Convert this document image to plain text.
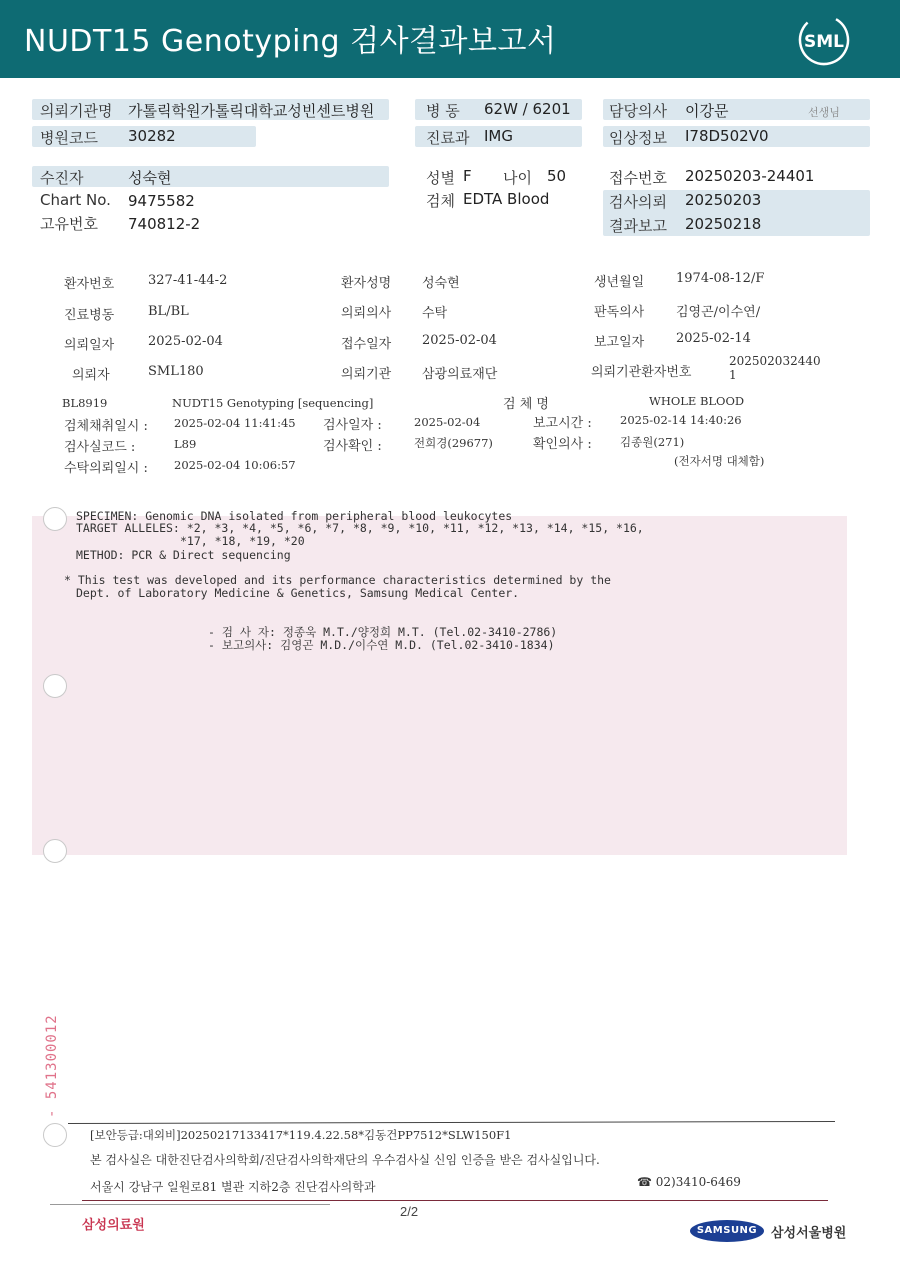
NUDT15 Genotyping 검사결과보고서	SML
의뢰기관명 가톨릭학원가톨릭대학교성빈센트병원
병원코드 30282
병 동 62W / 6201
진료과 IMG
담당의사 이강문	선생님
임상정보 I78D502V0
수진자	성숙현
Chart No. 9475582
고유번호 740812-2
성별 F 나이 50
검체 EDTA Blood
접수번호 20250203-24401
검사의뢰 20250203
결과보고 20250218
환자번호	327-41-44-2	환자성명 성숙현	생년월일 1974-08-12/F
진료병동	BL/BL	의뢰의사 수탁	판독의사 김영곤/이수연/
의뢰일자	2025-02-04	접수일자 2025-02-04	보고일자 2025-02-14
의뢰자	SML180	의뢰기관 삼광의료재단	의뢰기관환자번호
202502032440
1
BL8919	NUDT15 Genotyping [sequencing]	검 체 명	WHOLE BLOOD
검체채취일시 : 2025-02-04 11:41:45 검사일자 :	2025-02-04	보고시간 : 2025-02-14 14:40:26
검사실코드 :	L89	검사확인 :	전희경(29677)	확인의사 : 김종원(271)
수탁의뢰일시 : 2025-02-04 10:06:57	(전자서명 대체함)
SPECIMEN: Genomic DNA isolated from peripheral blood leukocytes
TARGET ALLELES: *2, *3, *4, *5, *6, *7, *8, *9, *10, *11, *12, *13, *14, *15, *16,
*17, *18, *19, *20
METHOD: PCR & Direct sequencing
* This test was developed and its performance characteristics determined by the
Dept. of Laboratory Medicine & Genetics, Samsung Medical Center.
- 검 사 자: 정종욱 M.T./양정희 M.T. (Tel.02-3410-2786)
- 보고의사: 김영곤 M.D./이수연 M.D. (Tel.02-3410-1834)
- 541300012
[보안등급:대외비]20250217133417*119.4.22.58*김동건PP7512*SLW150F1
본 검사실은 대한진단검사의학회/진단검사의학재단의 우수검사실 신임 인증을 받은 검사실입니다.
서울시 강남구 일원로81 별관 지하2층 진단검사의학과	☎ 02)3410-6469
2/2
삼성의료원	SAMSUNG	삼성서울병원
